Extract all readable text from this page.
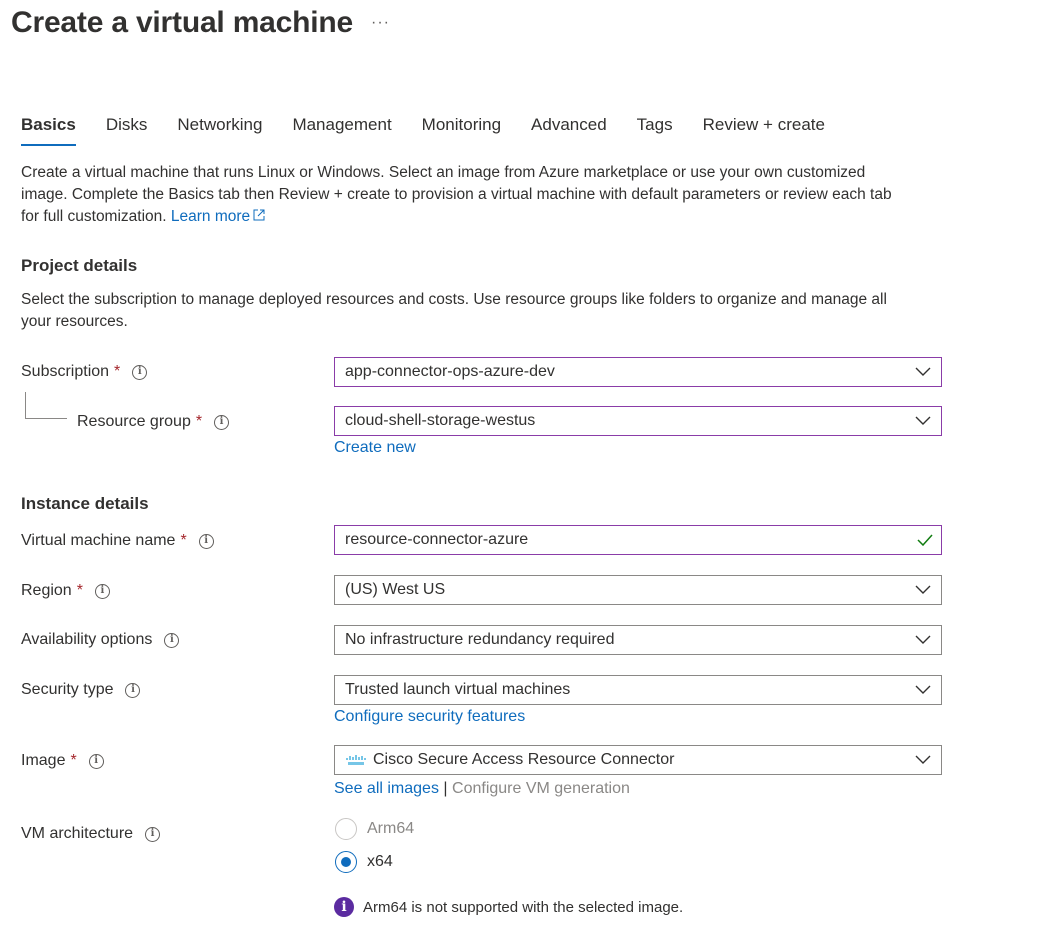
Create a virtual machine ···
Basics Disks Networking Management Monitoring Advanced Tags Review + create
Create a virtual machine that runs Linux or Windows. Select an image from Azure marketplace or use your own customized
image. Complete the Basics tab then Review + create to provision a virtual machine with default parameters or review each tab
for full customization. Learn more
Project details
Select the subscription to manage deployed resources and costs. Use resource groups like folders to organize and manage all
your resources.
Subscription *	i	app-connector-ops-azure-dev
Resource group *	i	cloud-shell-storage-westus
Create new
Instance details
Virtual machine name *	i	resource-connector-azure
Region *	i	(US) West US
Availability options	i	No infrastructure redundancy required
Security type	i	Trusted launch virtual machines
Configure security features
Image *	i	Cisco Secure Access Resource Connector
See all images | Configure VM generation
VM architecture	i	Arm64
x64
i	Arm64 is not supported with the selected image.
